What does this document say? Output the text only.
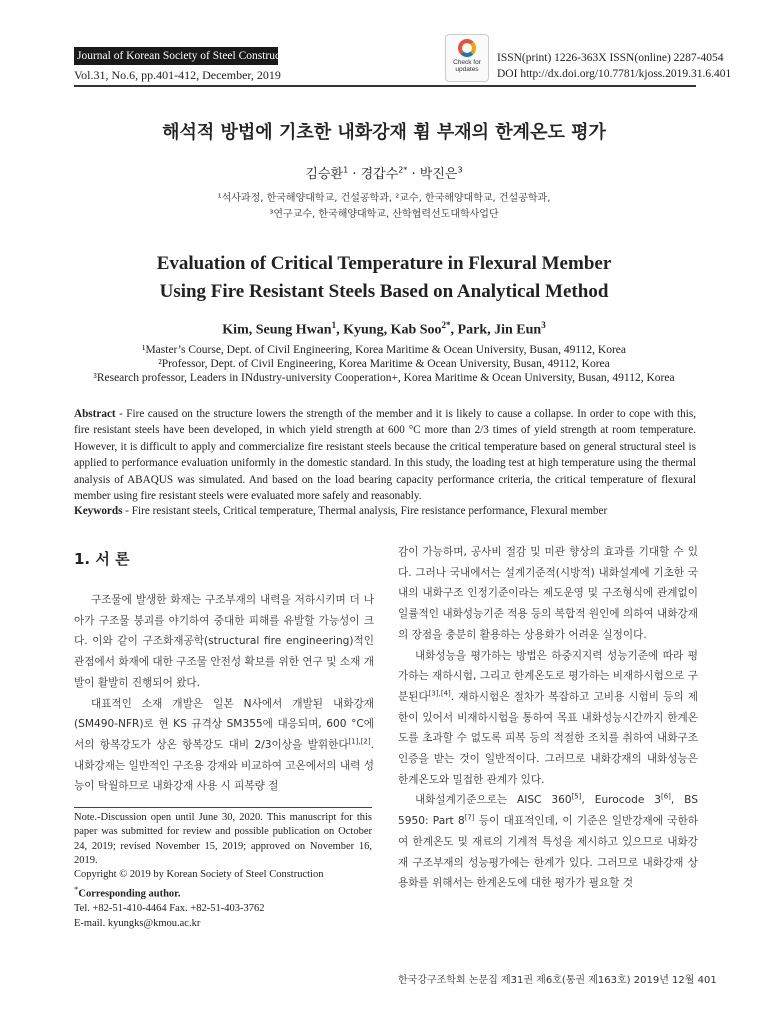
Journal of Korean Society of Steel Construction
Vol.31, No.6, pp.401-412, December, 2019
Check for updates
ISSN(print) 1226-363X ISSN(online) 2287-4054
DOI http://dx.doi.org/10.7781/kjoss.2019.31.6.401
해석적 방법에 기초한 내화강재 휨 부재의 한계온도 평가
김승환$^1$ · 경갑수$^{2*}$ · 박진은$^3$
¹석사과정, 한국해양대학교, 건설공학과, ²교수, 한국해양대학교, 건설공학과,
³연구교수, 한국해양대학교, 산학협력선도대학사업단
Evaluation of Critical Temperature in Flexural Member
Using Fire Resistant Steels Based on Analytical Method
Kim, Seung Hwan$^1$, Kyung, Kab Soo$^{2*}$, Park, Jin Eun$^3$
¹Master’s Course, Dept. of Civil Engineering, Korea Maritime & Ocean University, Busan, 49112, Korea
²Professor, Dept. of Civil Engineering, Korea Maritime & Ocean University, Busan, 49112, Korea
³Research professor, Leaders in INdustry-university Cooperation+, Korea Maritime & Ocean University, Busan, 49112, Korea
Abstract - Fire caused on the structure lowers the strength of the member and it is likely to cause a collapse. In order to cope with this, fire resistant steels have been developed, in which yield strength at 600 °C more than 2/3 times of yield strength at room temperature. However, it is difficult to apply and commercialize fire resistant steels because the critical temperature based on general structural steel is applied to performance evaluation uniformly in the domestic standard. In this study, the loading test at high temperature using the thermal analysis of ABAQUS was simulated. And based on the load bearing capacity performance criteria, the critical temperature of flexural member using fire resistant steels were evaluated more safely and reasonably.
Keywords - Fire resistant steels, Critical temperature, Thermal analysis, Fire resistance performance, Flexural member
1. 서 론

구조물에 발생한 화재는 구조부재의 내력을 저하시키며 더 나아가 구조물 붕괴를 야기하여 중대한 피해를 유발할 가능성이 크다. 이와 같이 구조화재공학(structural fire engineering)적인 관점에서 화재에 대한 구조물 안전성 확보를 위한 연구 및 소재 개발이 활발히 진행되어 왔다.

대표적인 소재 개발은 일본 N사에서 개발된 내화강재(SM490-NFR)로 현 KS 규격상 SM355에 대응되며, 600 °C에서의 항복강도가 상온 항복강도 대비 2/3이상을 발휘한다[1],[2]. 내화강재는 일반적인 구조용 강재와 비교하여 고온에서의 내력 성능이 탁월하므로 내화강재 사용 시 피복량 절

감이 가능하며, 공사비 절감 및 미관 향상의 효과를 기대할 수 있다. 그러나 국내에서는 설계기준적(시방적) 내화설계에 기초한 국내의 내화구조 인정기준이라는 제도운영 및 구조형식에 관계없이 일률적인 내화성능기준 적용 등의 복합적 원인에 의하여 내화강재의 장점을 충분히 활용하는 상용화가 어려운 실정이다.

내화성능을 평가하는 방법은 하중지지력 성능기준에 따라 평가하는 재하시험, 그리고 한계온도로 평가하는 비재하시험으로 구분된다[3],[4]. 재하시험은 절차가 복잡하고 고비용 시험비 등의 제한이 있어서 비재하시험을 통하여 목표 내화성능시간까지 한계온도를 초과할 수 없도록 피복 등의 적절한 조치를 취하여 내화구조 인증을 받는 것이 일반적이다. 그러므로 내화강재의 내화성능은 한계온도와 밀접한 관계가 있다.

내화설계기준으로는 AISC 360[5], Eurocode 3[6], BS 5950: Part 8[7] 등이 대표적인데, 이 기준은 일반강재에 국한하여 한계온도 및 재료의 기계적 특성을 제시하고 있으므로 내화강재 구조부재의 성능평가에는 한계가 있다. 그러므로 내화강재 상용화를 위해서는 한계온도에 대한 평가가 필요할 것

Note.-Discussion open until June 30, 2020. This manuscript for this paper was submitted for review and possible publication on October 24, 2019; revised November 15, 2019; approved on November 16, 2019.
Copyright © 2019 by Korean Society of Steel Construction
*Corresponding author.
Tel. +82-51-410-4464 Fax. +82-51-403-3762
E-mail. kyungks@kmou.ac.kr
한국강구조학회 논문집 제31권 제6호(통권 제163호) 2019년 12월 401
